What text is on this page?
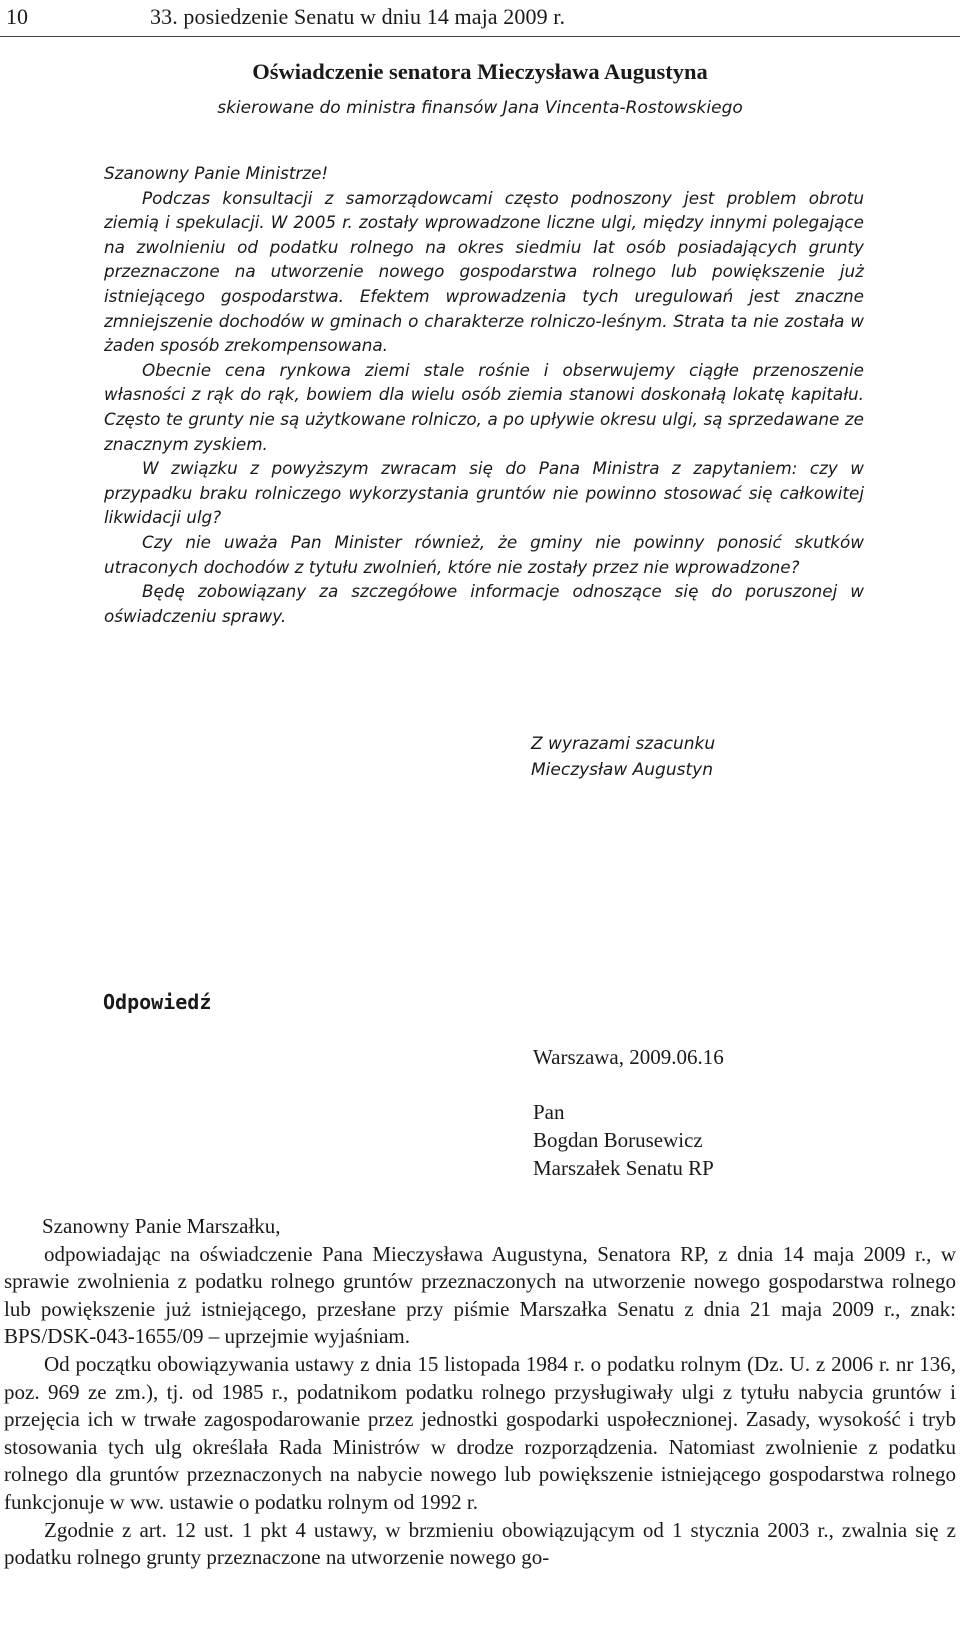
10	33. posiedzenie Senatu w dniu 14 maja 2009 r.
Oświadczenie senatora Mieczysława Augustyna
skierowane do ministra finansów Jana Vincenta-Rostowskiego

Szanowny Panie Ministrze!

Podczas konsultacji z samorządowcami często podnoszony jest problem obrotu ziemią i spekulacji. W 2005 r. zostały wprowadzone liczne ulgi, między innymi polegające na zwolnieniu od podatku rolnego na okres siedmiu lat osób posiadających grunty przeznaczone na utworzenie nowego gospodarstwa rolnego lub powiększenie już istniejącego gospodarstwa. Efektem wprowadzenia tych uregulowań jest znaczne zmniejszenie dochodów w gminach o charakterze rolniczo-leśnym. Strata ta nie została w żaden sposób zrekompensowana.

Obecnie cena rynkowa ziemi stale rośnie i obserwujemy ciągłe przenoszenie własności z rąk do rąk, bowiem dla wielu osób ziemia stanowi doskonałą lokatę kapitału. Często te grunty nie są użytkowane rolniczo, a po upływie okresu ulgi, są sprzedawane ze znacznym zyskiem.

W związku z powyższym zwracam się do Pana Ministra z zapytaniem: czy w przypadku braku rolniczego wykorzystania gruntów nie powinno stosować się całkowitej likwidacji ulg?

Czy nie uważa Pan Minister również, że gminy nie powinny ponosić skutków utraconych dochodów z tytułu zwolnień, które nie zostały przez nie wprowadzone?

Będę zobowiązany za szczegółowe informacje odnoszące się do poruszonej w oświadczeniu sprawy.

Z wyrazami szacunku
Mieczysław Augustyn
Odpowiedź
Warszawa, 2009.06.16
Pan
Bogdan Borusewicz
Marszałek Senatu RP

Szanowny Panie Marszałku,

odpowiadając na oświadczenie Pana Mieczysława Augustyna, Senatora RP, z dnia 14 maja 2009 r., w sprawie zwolnienia z podatku rolnego gruntów przeznaczonych na utworzenie nowego gospodarstwa rolnego lub powiększenie już istniejącego, przesłane przy piśmie Marszałka Senatu z dnia 21 maja 2009 r., znak: BPS/DSK-043-1655/09 – uprzejmie wyjaśniam.

Od początku obowiązywania ustawy z dnia 15 listopada 1984 r. o podatku rolnym (Dz. U. z 2006 r. nr 136, poz. 969 ze zm.), tj. od 1985 r., podatnikom podatku rolnego przysługiwały ulgi z tytułu nabycia gruntów i przejęcia ich w trwałe zagospodarowanie przez jednostki gospodarki uspołecznionej. Zasady, wysokość i tryb stosowania tych ulg określała Rada Ministrów w drodze rozporządzenia. Natomiast zwolnienie z podatku rolnego dla gruntów przeznaczonych na nabycie nowego lub powiększenie istniejącego gospodarstwa rolnego funkcjonuje w ww. ustawie o podatku rolnym od 1992 r.

Zgodnie z art. 12 ust. 1 pkt 4 ustawy, w brzmieniu obowiązującym od 1 stycznia 2003 r., zwalnia się z podatku rolnego grunty przeznaczone na utworzenie nowego go-
